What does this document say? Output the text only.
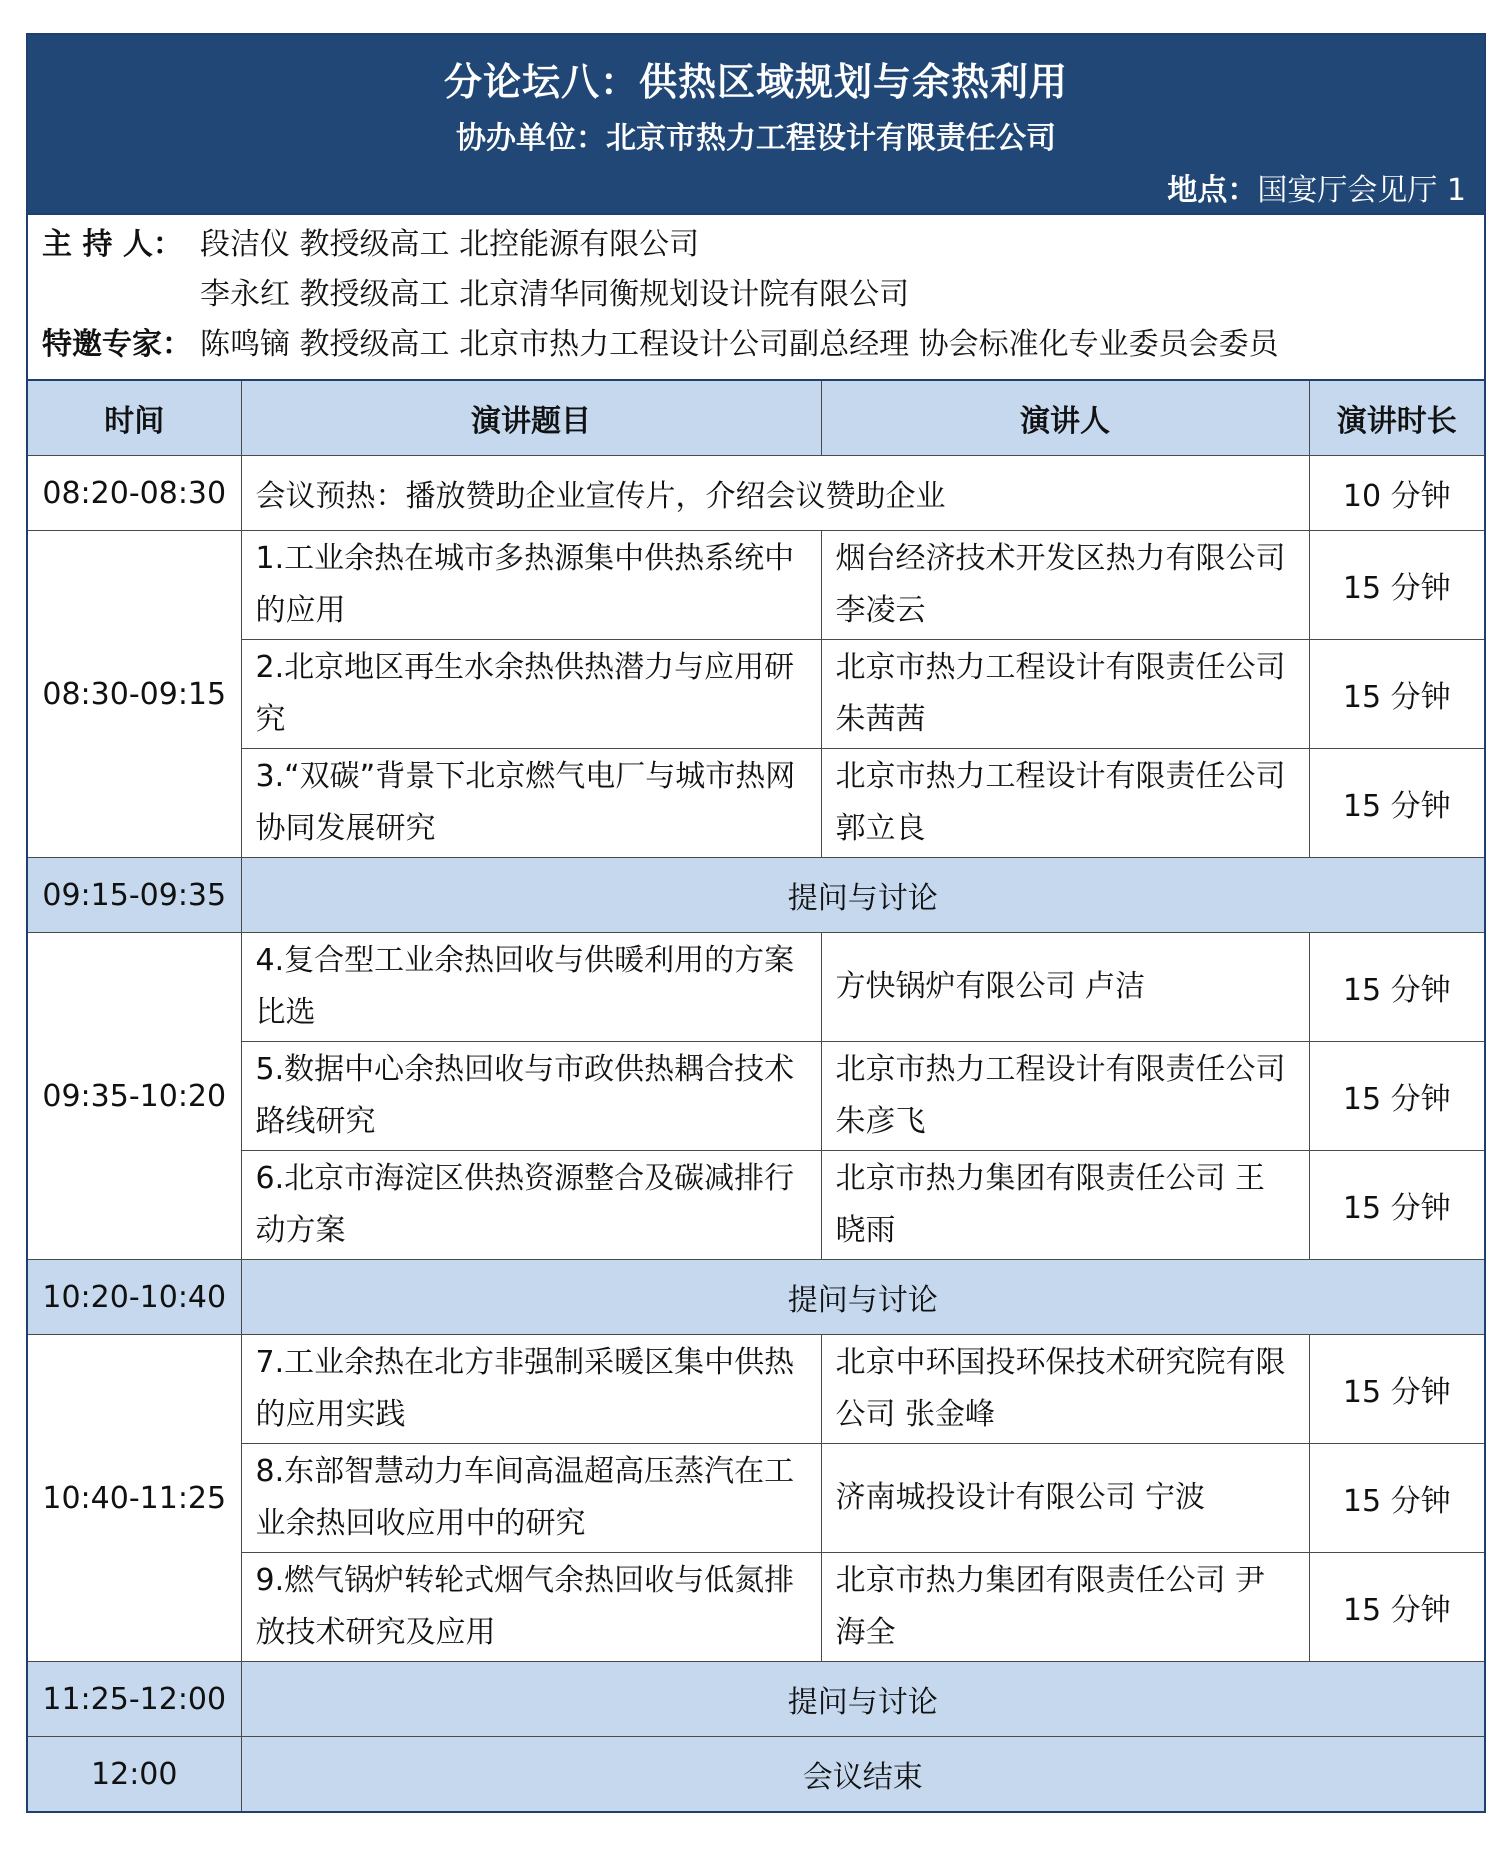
分论坛八：供热区域规划与余热利用
协办单位：北京市热力工程设计有限责任公司
地点：国宴厅会见厅 1
主 持 人： 段洁仪 教授级高工 北控能源有限公司
李永红 教授级高工 北京清华同衡规划设计院有限公司
特邀专家： 陈鸣镝 教授级高工 北京市热力工程设计公司副总经理 协会标准化专业委员会委员
时间	演讲题目	演讲人	演讲时长
08:20-08:30	会议预热：播放赞助企业宣传片，介绍会议赞助企业		10 分钟
08:30-09:15	1.工业余热在城市多热源集中供热系统中的应用	烟台经济技术开发区热力有限公司 李凌云	15 分钟
	2.北京地区再生水余热供热潜力与应用研究	北京市热力工程设计有限责任公司 朱茜茜	15 分钟
	3.“双碳”背景下北京燃气电厂与城市热网协同发展研究	北京市热力工程设计有限责任公司 郭立良	15 分钟
09:15-09:35	提问与讨论		
09:35-10:20	4.复合型工业余热回收与供暖利用的方案比选	方快锅炉有限公司 卢洁	15 分钟
	5.数据中心余热回收与市政供热耦合技术路线研究	北京市热力工程设计有限责任公司 朱彦飞	15 分钟
	6.北京市海淀区供热资源整合及碳减排行动方案	北京市热力集团有限责任公司 王晓雨	15 分钟
10:20-10:40	提问与讨论		
10:40-11:25	7.工业余热在北方非强制采暖区集中供热的应用实践	北京中环国投环保技术研究院有限公司 张金峰	15 分钟
	8.东部智慧动力车间高温超高压蒸汽在工业余热回收应用中的研究	济南城投设计有限公司 宁波	15 分钟
	9.燃气锅炉转轮式烟气余热回收与低氮排放技术研究及应用	北京市热力集团有限责任公司 尹海全	15 分钟
11:25-12:00	提问与讨论		
12:00	会议结束		
